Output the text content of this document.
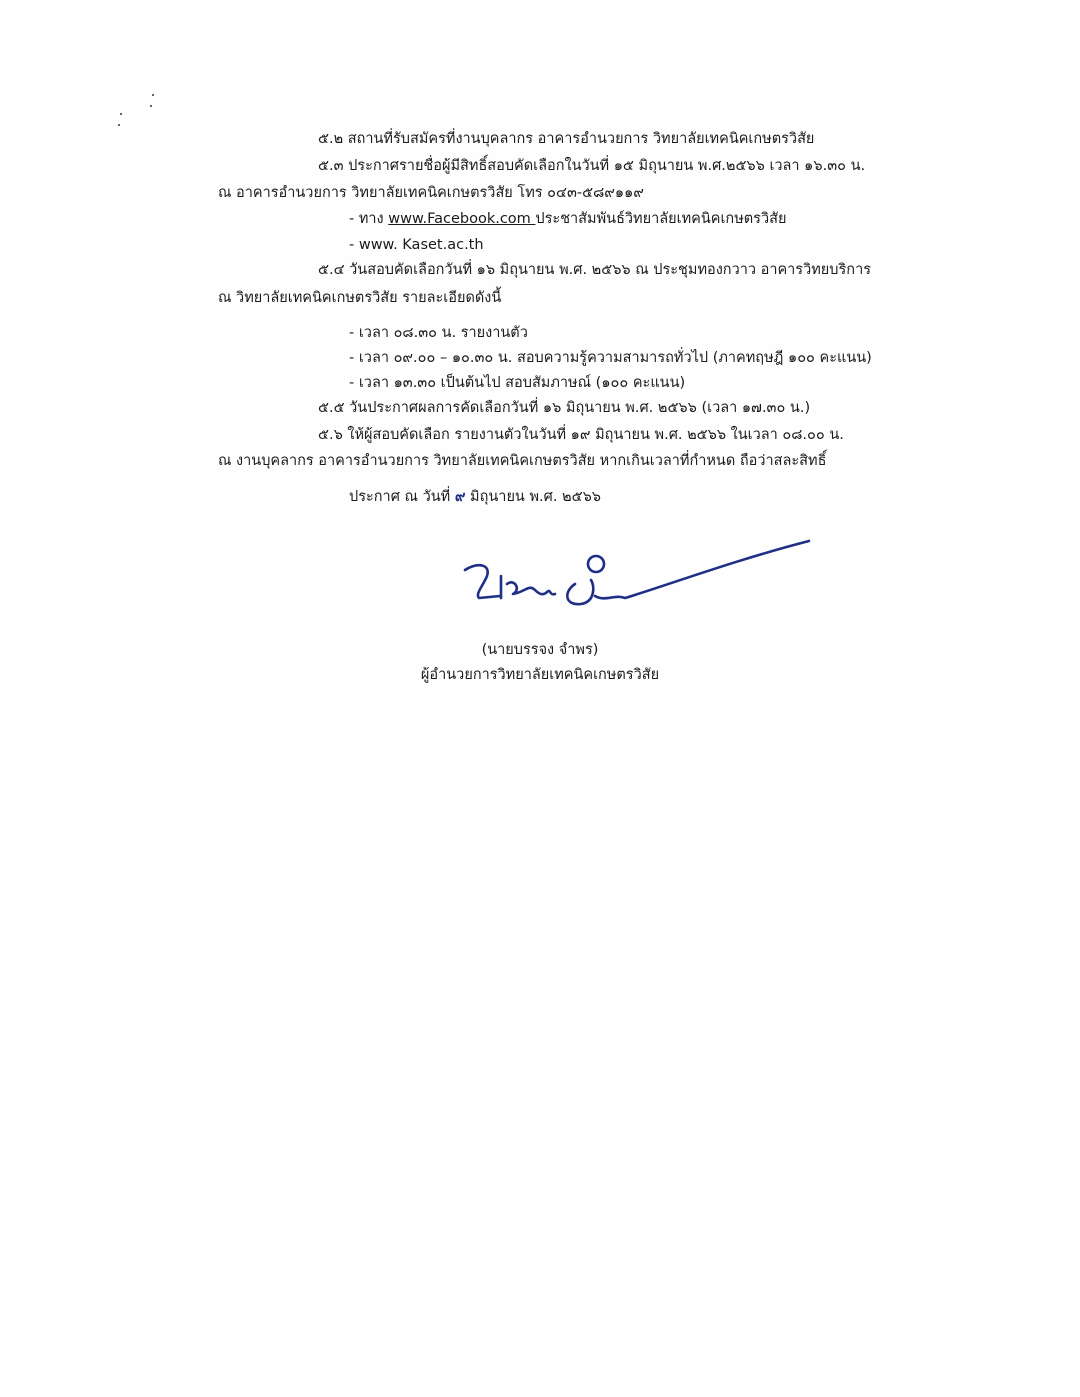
๕.๒ สถานที่รับสมัครที่งานบุคลากร อาคารอำนวยการ วิทยาลัยเทคนิคเกษตรวิสัย
๕.๓ ประกาศรายชื่อผู้มีสิทธิ์สอบคัดเลือกในวันที่ ๑๕ มิถุนายน พ.ศ.๒๕๖๖ เวลา ๑๖.๓๐ น.
ณ อาคารอำนวยการ วิทยาลัยเทคนิคเกษตรวิสัย โทร ๐๔๓-๕๘๙๑๑๙
- ทาง www.Facebook.com ประชาสัมพันธ์วิทยาลัยเทคนิคเกษตรวิสัย
- www. Kaset.ac.th
๕.๔ วันสอบคัดเลือกวันที่ ๑๖ มิถุนายน พ.ศ. ๒๕๖๖ ณ ประชุมทองกวาว อาคารวิทยบริการ
ณ วิทยาลัยเทคนิคเกษตรวิสัย รายละเอียดดังนี้
- เวลา ๐๘.๓๐ น. รายงานตัว
- เวลา ๐๙.๐๐ – ๑๐.๓๐ น. สอบความรู้ความสามารถทั่วไป (ภาคทฤษฎี ๑๐๐ คะแนน)
- เวลา ๑๓.๓๐ เป็นต้นไป สอบสัมภาษณ์ (๑๐๐ คะแนน)
๕.๕ วันประกาศผลการคัดเลือกวันที่ ๑๖ มิถุนายน พ.ศ. ๒๕๖๖ (เวลา ๑๗.๓๐ น.)
๕.๖ ให้ผู้สอบคัดเลือก รายงานตัวในวันที่ ๑๙ มิถุนายน พ.ศ. ๒๕๖๖ ในเวลา ๐๘.๐๐ น.
ณ งานบุคลากร อาคารอำนวยการ วิทยาลัยเทคนิคเกษตรวิสัย หากเกินเวลาที่กำหนด ถือว่าสละสิทธิ์
ประกาศ ณ วันที่ ๙ มิถุนายน พ.ศ. ๒๕๖๖
(นายบรรจง จำพร)
ผู้อำนวยการวิทยาลัยเทคนิคเกษตรวิสัย
